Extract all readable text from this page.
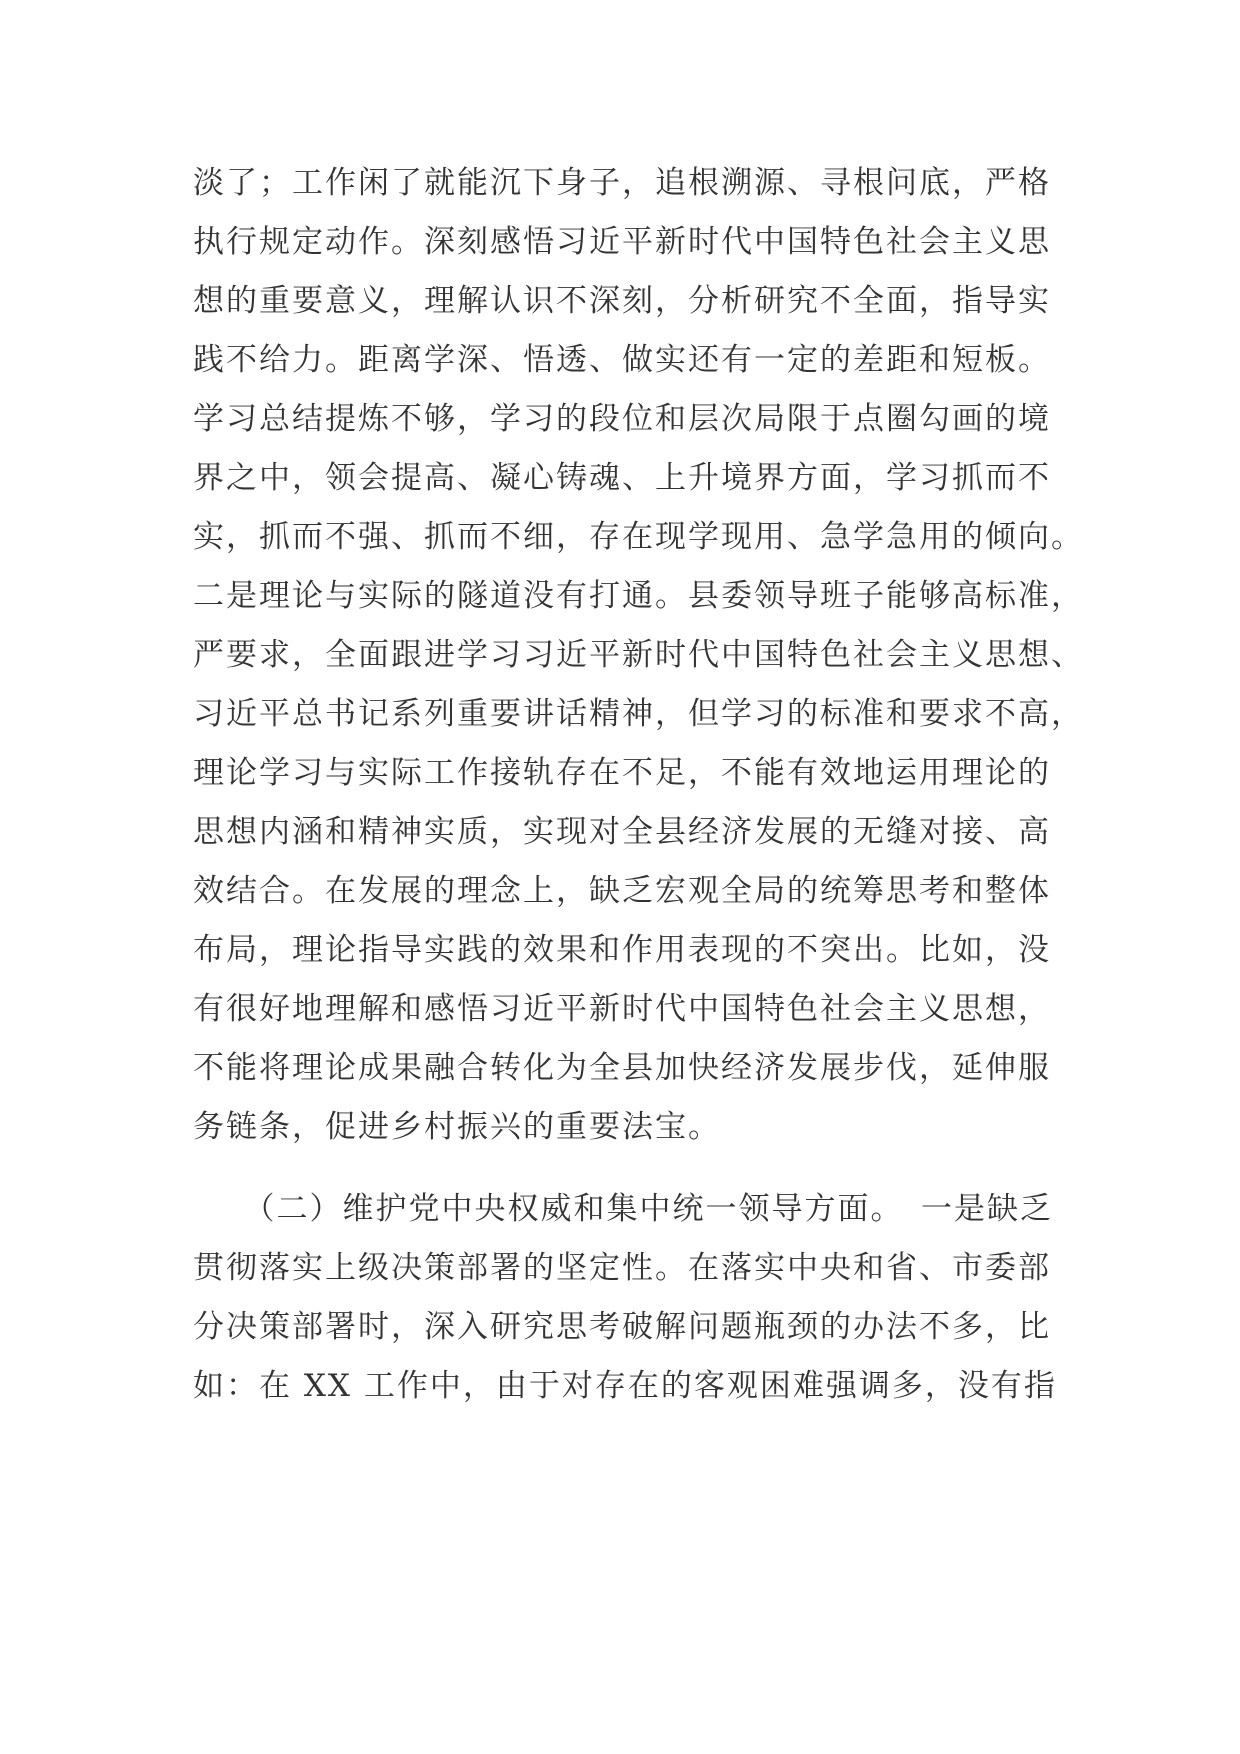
淡了；工作闲了就能沉下身子，追根溯源、寻根问底，严格
执行规定动作。深刻感悟习近平新时代中国特色社会主义思
想的重要意义，理解认识不深刻，分析研究不全面，指导实
践不给力。距离学深、悟透、做实还有一定的差距和短板。
学习总结提炼不够，学习的段位和层次局限于点圈勾画的境
界之中，领会提高、凝心铸魂、上升境界方面，学习抓而不
实，抓而不强、抓而不细，存在现学现用、急学急用的倾向。
二是理论与实际的隧道没有打通。县委领导班子能够高标准，
严要求，全面跟进学习习近平新时代中国特色社会主义思想、
习近平总书记系列重要讲话精神，但学习的标准和要求不高，
理论学习与实际工作接轨存在不足，不能有效地运用理论的
思想内涵和精神实质，实现对全县经济发展的无缝对接、高
效结合。在发展的理念上，缺乏宏观全局的统筹思考和整体
布局，理论指导实践的效果和作用表现的不突出。比如，没
有很好地理解和感悟习近平新时代中国特色社会主义思想，
不能将理论成果融合转化为全县加快经济发展步伐，延伸服
务链条，促进乡村振兴的重要法宝。
　　（二）维护党中央权威和集中统一领导方面。　一是缺乏
贯彻落实上级决策部署的坚定性。在落实中央和省、市委部
分决策部署时，深入研究思考破解问题瓶颈的办法不多，比
如：在 XX 工作中，由于对存在的客观困难强调多，没有指
